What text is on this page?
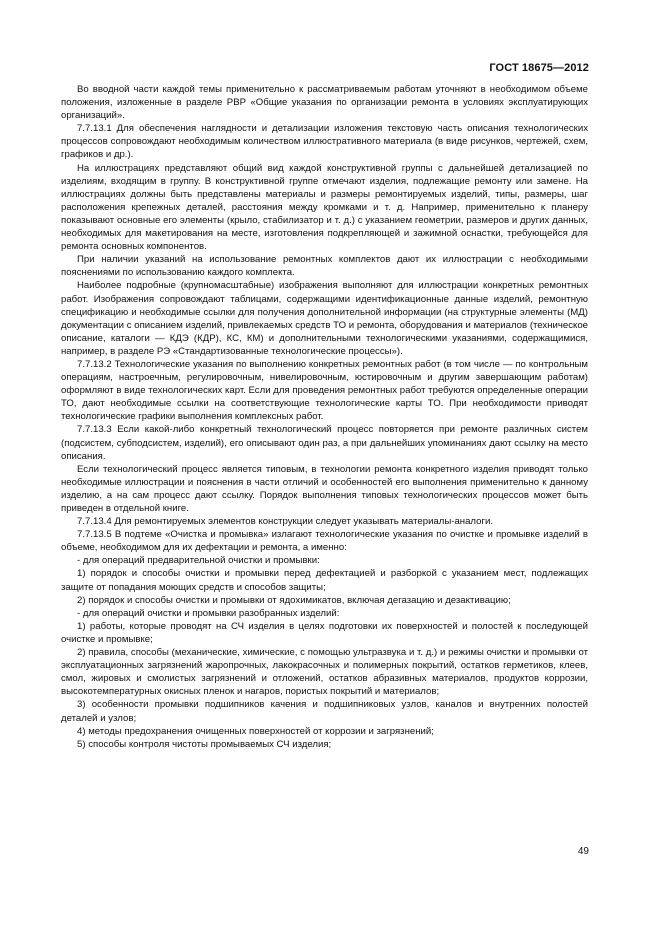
ГОСТ 18675—2012

Во вводной части каждой темы применительно к рассматриваемым работам уточняют в необходимом объеме положения, изложенные в разделе РВР «Общие указания по организации ремонта в условиях эксплуатирующих организаций».

7.7.13.1 Для обеспечения наглядности и детализации изложения текстовую часть описания технологических процессов сопровождают необходимым количеством иллюстративного материала (в виде рисунков, чертежей, схем, графиков и др.).

На иллюстрациях представляют общий вид каждой конструктивной группы с дальнейшей детализацией по изделиям, входящим в группу. В конструктивной группе отмечают изделия, подлежащие ремонту или замене. На иллюстрациях должны быть представлены материалы и размеры ремонтируемых изделий, типы, размеры, шаг расположения крепежных деталей, расстояния между кромками и т. д. Например, применительно к планеру показывают основные его элементы (крыло, стабилизатор и т. д.) с указанием геометрии, размеров и других данных, необходимых для макетирования на месте, изготовления подкрепляющей и зажимной оснастки, требующейся для ремонта основных компонентов.

При наличии указаний на использование ремонтных комплектов дают их иллюстрации с необходимыми пояснениями по использованию каждого комплекта.

Наиболее подробные (крупномасштабные) изображения выполняют для иллюстрации конкретных ремонтных работ. Изображения сопровождают таблицами, содержащими идентификационные данные изделий, ремонтную спецификацию и необходимые ссылки для получения дополнительной информации (на структурные элементы (МД) документации с описанием изделий, привлекаемых средств ТО и ремонта, оборудования и материалов (техническое описание, каталоги — КДЭ (КДР), КС, КМ) и дополнительными технологическими указаниями, содержащимися, например, в разделе РЭ «Стандартизованные технологические процессы»).

7.7.13.2 Технологические указания по выполнению конкретных ремонтных работ (в том числе — по контрольным операциям, настроечным, регулировочным, нивелировочным, юстировочным и другим завершающим работам) оформляют в виде технологических карт. Если для проведения ремонтных работ требуются определенные операции ТО, дают необходимые ссылки на соответствующие технологические карты ТО. При необходимости приводят технологические графики выполнения комплексных работ.

7.7.13.3 Если какой-либо конкретный технологический процесс повторяется при ремонте различных систем (подсистем, субподсистем, изделий), его описывают один раз, а при дальнейших упоминаниях дают ссылку на место описания.

Если технологический процесс является типовым, в технологии ремонта конкретного изделия приводят только необходимые иллюстрации и пояснения в части отличий и особенностей его выполнения применительно к данному изделию, а на сам процесс дают ссылку. Порядок выполнения типовых технологических процессов может быть приведен в отдельной книге.

7.7.13.4 Для ремонтируемых элементов конструкции следует указывать материалы-аналоги.

7.7.13.5 В подтеме «Очистка и промывка» излагают технологические указания по очистке и промывке изделий в объеме, необходимом для их дефектации и ремонта, а именно:

- для операций предварительной очистки и промывки:

1) порядок и способы очистки и промывки перед дефектацией и разборкой с указанием мест, подлежащих защите от попадания моющих средств и способов защиты;

2) порядок и способы очистки и промывки от ядохимикатов, включая дегазацию и дезактивацию;

- для операций очистки и промывки разобранных изделий:

1) работы, которые проводят на СЧ изделия в целях подготовки их поверхностей и полостей к последующей очистке и промывке;

2) правила, способы (механические, химические, с помощью ультразвука и т. д.) и режимы очистки и промывки от эксплуатационных загрязнений жаропрочных, лакокрасочных и полимерных покрытий, остатков герметиков, клеев, смол, жировых и смолистых загрязнений и отложений, остатков абразивных материалов, продуктов коррозии, высокотемпературных окисных пленок и нагаров, пористых покрытий и материалов;

3) особенности промывки подшипников качения и подшипниковых узлов, каналов и внутренних полостей деталей и узлов;

4) методы предохранения очищенных поверхностей от коррозии и загрязнений;

5) способы контроля чистоты промываемых СЧ изделия;

49
